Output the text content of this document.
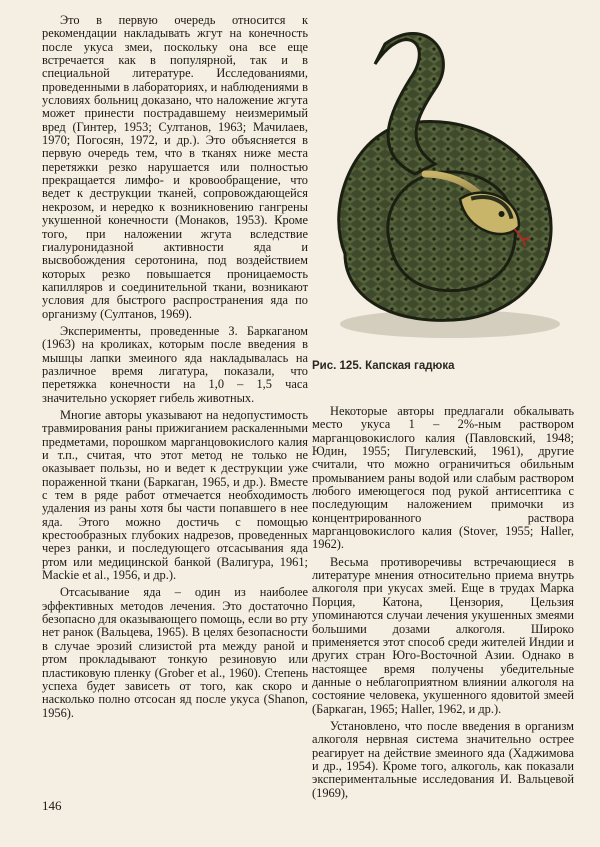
Это в первую очередь относится к рекомендации накладывать жгут на конечность после укуса змеи, поскольку она все еще встречается как в популярной, так и в специальной литературе. Исследованиями, проведенными в лабораториях, и наблюдениями в условиях больниц доказано, что наложение жгута может принести пострадавшему неизмеримый вред (Гинтер, 1953; Султанов, 1963; Мачилаев, 1970; Погосян, 1972, и др.). Это объясняется в первую очередь тем, что в тканях ниже места перетяжки резко нарушается или полностью прекращается лимфо- и кровообращение, что ведет к деструкции тканей, сопровождающейся некрозом, и нередко к возникновению гангрены укушенной конечности (Монаков, 1953). Кроме того, при наложении жгута вследствие гиалуронидазной активности яда и высвобождения серотонина, под воздействием которых резко повышается проницаемость капилляров и соединительной ткани, возникают условия для быстрого распространения яда по организму (Султанов, 1969).

Эксперименты, проведенные З. Баркаганом (1963) на кроликах, которым после введения в мышцы лапки змеиного яда накладывалась на различное время лигатура, показали, что перетяжка конечности на 1,0 – 1,5 часа значительно ускоряет гибель животных.

Многие авторы указывают на недопустимость травмирования раны прижиганием раскаленными предметами, порошком марганцовокислого калия и т.п., считая, что этот метод не только не оказывает пользы, но и ведет к деструкции уже пораженной ткани (Баркаган, 1965, и др.). Вместе с тем в ряде работ отмечается необходимость удаления из раны хотя бы части попавшего в нее яда. Этого можно достичь с помощью крестообразных глубоких надрезов, проведенных через ранки, и последующего отсасывания яда ртом или медицинской банкой (Валигура, 1961; Mackie et al., 1956, и др.).

Отсасывание яда – один из наиболее эффективных методов лечения. Это достаточно безопасно для оказывающего помощь, если во рту нет ранок (Вальцева, 1965). В целях безопасности в случае эрозий слизистой рта между раной и ртом прокладывают тонкую резиновую или пластиковую пленку (Grober et al., 1960). Степень успеха будет зависеть от того, как скоро и насколько полно отсосан яд после укуса (Shanon, 1956).

Рис. 125. Капская гадюка

Некоторые авторы предлагали обкалывать место укуса 1 – 2%-ным раствором марганцовокислого калия (Павловский, 1948; Юдин, 1955; Пигулевский, 1961), другие считали, что можно ограничиться обильным промыванием раны водой или слабым раствором любого имеющегося под рукой антисептика с последующим наложением примочки из концентрированного раствора марганцовокислого калия (Stover, 1955; Haller, 1962).

Весьма противоречивы встречающиеся в литературе мнения относительно приема внутрь алкоголя при укусах змей. Еще в трудах Марка Порция, Катона, Цензория, Цельзия упоминаются случаи лечения укушенных змеями большими дозами алкоголя. Широко применяется этот способ среди жителей Индии и других стран Юго-Восточной Азии. Однако в настоящее время получены убедительные данные о неблагоприятном влиянии алкоголя на состояние человека, укушенного ядовитой змеей (Баркаган, 1965; Haller, 1962, и др.).

Установлено, что после введения в организм алкоголя нервная система значительно острее реагирует на действие змеиного яда (Хаджимова и др., 1954). Кроме того, алкоголь, как показали экспериментальные исследования И. Вальцевой (1969),

146
